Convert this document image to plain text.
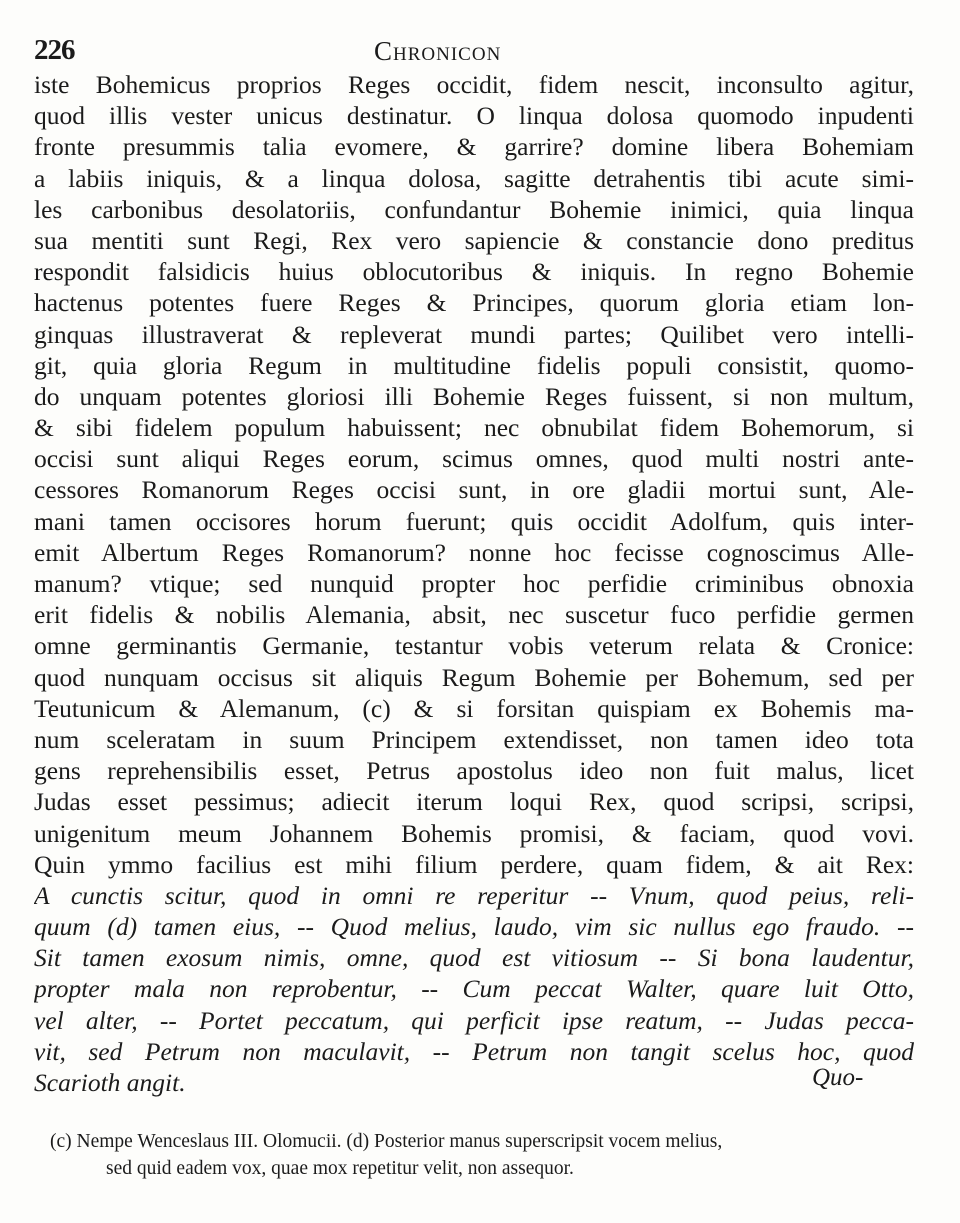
226	Chronicon
iste Bohemicus proprios Reges occidit, fidem nescit, inconsulto agitur,
quod illis vester unicus destinatur. O linqua dolosa quomodo inpudenti
fronte presummis talia evomere, & garrire? domine libera Bohemiam
a labiis iniquis, & a linqua dolosa, sagitte detrahentis tibi acute simi-
les carbonibus desolatoriis, confundantur Bohemie inimici, quia linqua
sua mentiti sunt Regi, Rex vero sapiencie & constancie dono preditus
respondit falsidicis huius oblocutoribus & iniquis. In regno Bohemie
hactenus potentes fuere Reges & Principes, quorum gloria etiam lon-
ginquas illustraverat & repleverat mundi partes; Quilibet vero intelli-
git, quia gloria Regum in multitudine fidelis populi consistit, quomo-
do unquam potentes gloriosi illi Bohemie Reges fuissent, si non multum,
& sibi fidelem populum habuissent; nec obnubilat fidem Bohemorum, si
occisi sunt aliqui Reges eorum, scimus omnes, quod multi nostri ante-
cessores Romanorum Reges occisi sunt, in ore gladii mortui sunt, Ale-
mani tamen occisores horum fuerunt; quis occidit Adolfum, quis inter-
emit Albertum Reges Romanorum? nonne hoc fecisse cognoscimus Alle-
manum? vtique; sed nunquid propter hoc perfidie criminibus obnoxia
erit fidelis & nobilis Alemania, absit, nec suscetur fuco perfidie germen
omne germinantis Germanie, testantur vobis veterum relata & Cronice:
quod nunquam occisus sit aliquis Regum Bohemie per Bohemum, sed per
Teutunicum & Alemanum, (c) & si forsitan quispiam ex Bohemis ma-
num sceleratam in suum Principem extendisset, non tamen ideo tota
gens reprehensibilis esset, Petrus apostolus ideo non fuit malus, licet
Judas esset pessimus; adiecit iterum loqui Rex, quod scripsi, scripsi,
unigenitum meum Johannem Bohemis promisi, & faciam, quod vovi.
Quin ymmo facilius est mihi filium perdere, quam fidem, & ait Rex:
A cunctis scitur, quod in omni re reperitur -- Vnum, quod peius, reli-
quum (d) tamen eius, -- Quod melius, laudo, vim sic nullus ego fraudo. --
Sit tamen exosum nimis, omne, quod est vitiosum -- Si bona laudentur,
propter mala non reprobentur, -- Cum peccat Walter, quare luit Otto,
vel alter, -- Portet peccatum, qui perficit ipse reatum, -- Judas pecca-
vit, sed Petrum non maculavit, -- Petrum non tangit scelus hoc, quod
Scarioth angit.	Quo-
(c) Nempe Wenceslaus III. Olomucii. (d) Posterior manus superscripsit vocem melius,
sed quid eadem vox, quae mox repetitur velit, non assequor.
